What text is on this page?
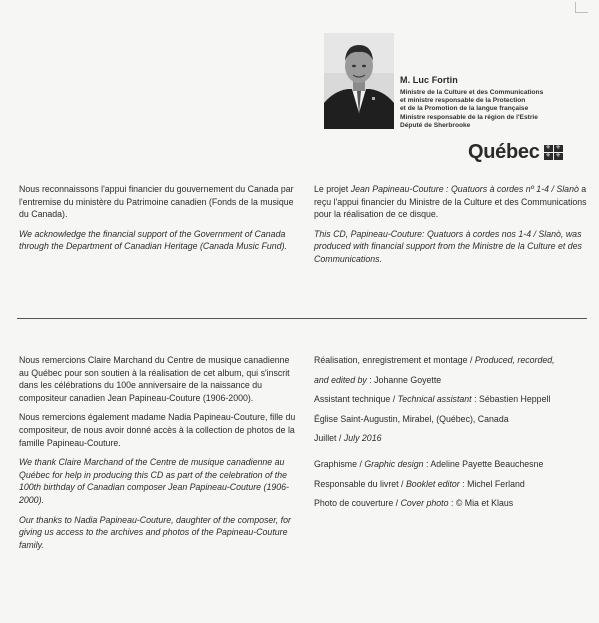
M. Luc Fortin
Ministre de la Culture et des Communications
et ministre responsable de la Protection
et de la Promotion de la langue française
Ministre responsable de la région de l'Estrie
Député de Sherbrooke
Québec ⚜ ⚜
⚜ ⚜

Nous reconnaissons l'appui financier du gouvernement du Canada par l'entremise du ministère du Patrimoine canadien (Fonds de la musique du Canada).

We acknowledge the financial support of the Government of Canada through the Department of Canadian Heritage (Canada Music Fund).

Le projet Jean Papineau-Couture : Quatuors à cordes nº 1-4 / Slanò a reçu l'appui financier du Ministre de la Culture et des Communications pour la réalisation de ce disque.

This CD, Papineau-Couture: Quatuors à cordes nos 1-4 / Slanò, was produced with financial support from the Ministre de la Culture et des Communications.

Nous remercions Claire Marchand du Centre de musique canadienne au Québec pour son soutien à la réalisation de cet album, qui s'inscrit dans les célébrations du 100e anniversaire de la naissance du compositeur canadien Jean Papineau-Couture (1906-2000).

Nous remercions également madame Nadia Papineau-Couture, fille du compositeur, de nous avoir donné accès à la collection de photos de la famille Papineau-Couture.

We thank Claire Marchand of the Centre de musique canadienne au Québec for help in producing this CD as part of the celebration of the 100th birthday of Canadian composer Jean Papineau-Couture (1906-2000).

Our thanks to Nadia Papineau-Couture, daughter of the composer, for giving us access to the archives and photos of the Papineau-Couture family.

Réalisation, enregistrement et montage / Produced, recorded,

and edited by : Johanne Goyette

Assistant technique / Technical assistant : Sébastien Heppell

Église Saint-Augustin, Mirabel, (Québec), Canada

Juillet / July 2016

Graphisme / Graphic design : Adeline Payette Beauchesne

Responsable du livret / Booklet editor : Michel Ferland

Photo de couverture / Cover photo : © Mia et Klaus
